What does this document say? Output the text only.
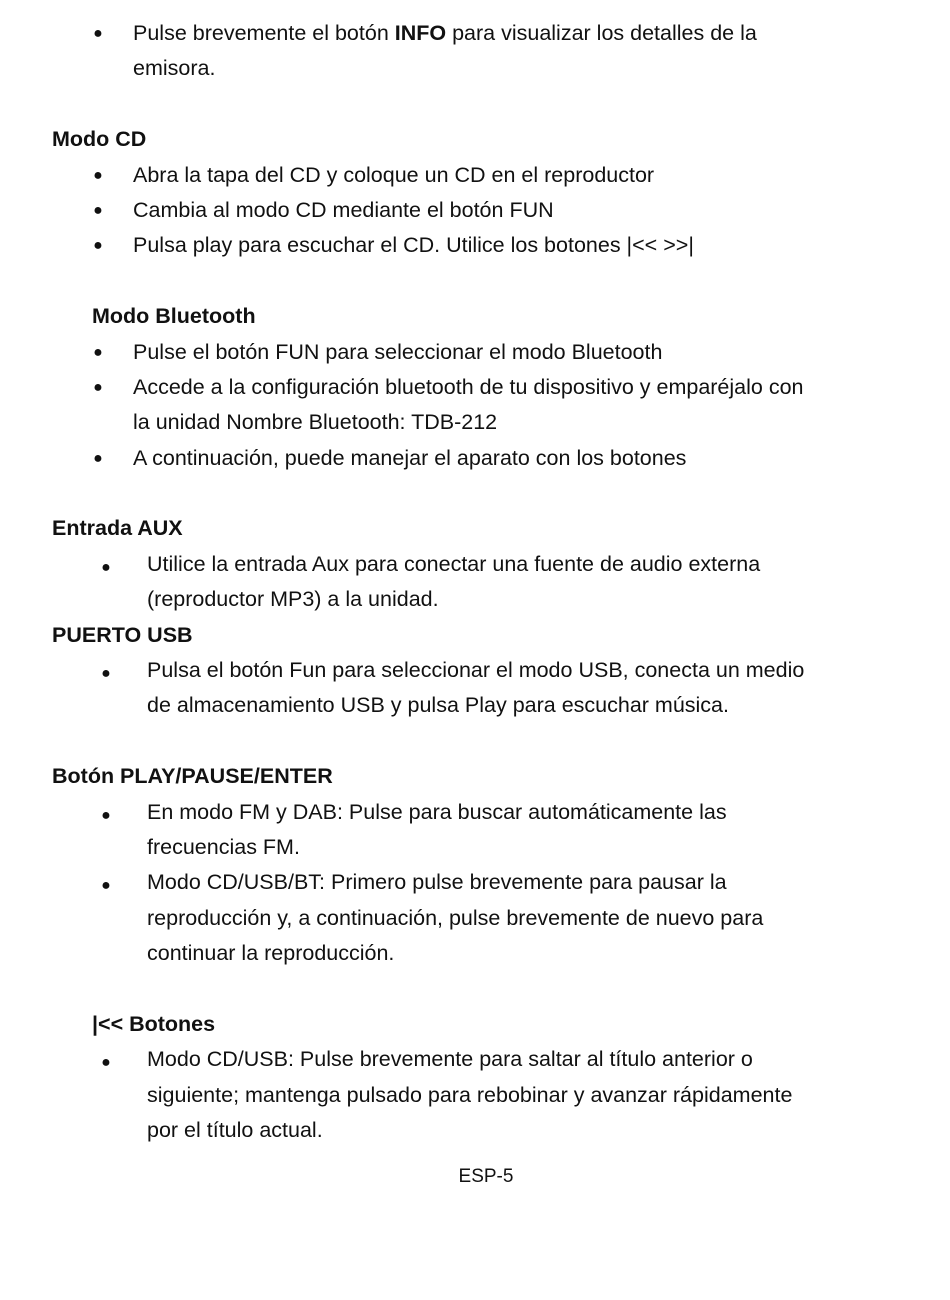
● Pulse brevemente el botón INFO para visualizar los detalles de la
emisora.
Modo CD
● Abra la tapa del CD y coloque un CD en el reproductor
● Cambia al modo CD mediante el botón FUN
● Pulsa play para escuchar el CD. Utilice los botones |<< >>|
Modo Bluetooth
● Pulse el botón FUN para seleccionar el modo Bluetooth
● Accede a la configuración bluetooth de tu dispositivo y emparéjalo con
la unidad Nombre Bluetooth: TDB-212
● A continuación, puede manejar el aparato con los botones
Entrada AUX
● Utilice la entrada Aux para conectar una fuente de audio externa
(reproductor MP3) a la unidad.
PUERTO USB
● Pulsa el botón Fun para seleccionar el modo USB, conecta un medio
de almacenamiento USB y pulsa Play para escuchar música.
Botón PLAY/PAUSE/ENTER
● En modo FM y DAB: Pulse para buscar automáticamente las
frecuencias FM.
● Modo CD/USB/BT: Primero pulse brevemente para pausar la
reproducción y, a continuación, pulse brevemente de nuevo para
continuar la reproducción.
|<< Botones
● Modo CD/USB: Pulse brevemente para saltar al título anterior o
siguiente; mantenga pulsado para rebobinar y avanzar rápidamente
por el título actual.
ESP-5
